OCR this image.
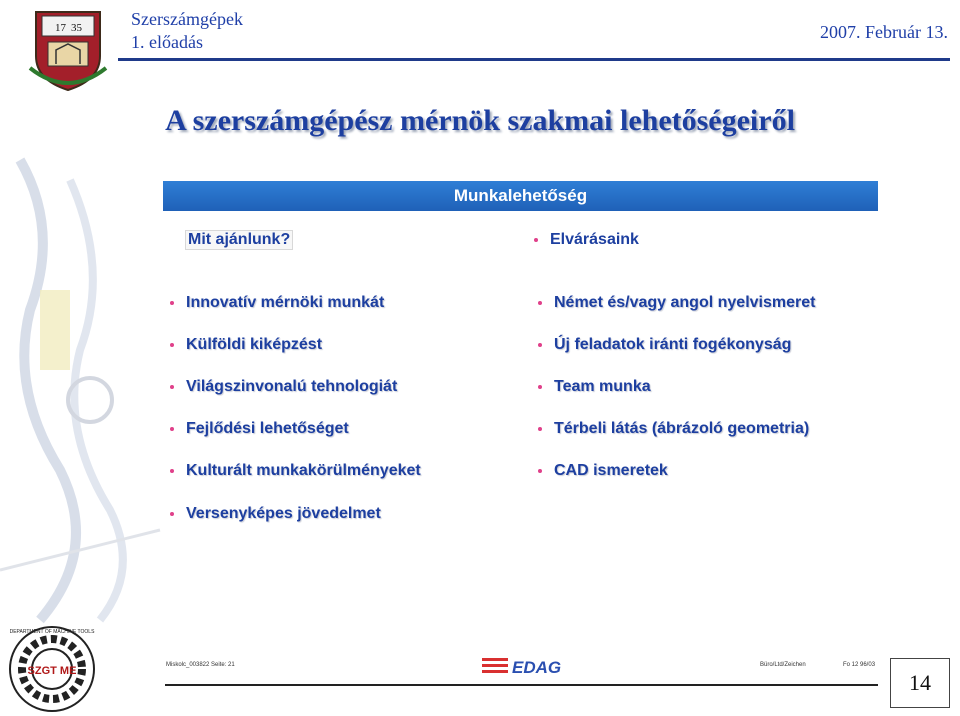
Szerszámgépek
1. előadás	2007. Február 13.
17 35
A szerszámgépész mérnök szakmai lehetőségeiről
Munkalehetőség
Mit ajánlunk?	Elvárásaink
Innovatív mérnöki munkát
Külföldi kiképzést
Világszinvonalú tehnologiát
Fejlődési lehetőséget
Kulturált munkakörülményeket
Versenyképes jövedelmet
Német és/vagy angol nyelvismeret
Új feladatok iránti fogékonyság
Team munka
Térbeli látás (ábrázoló geometria)
CAD ismeretek
Miskolc_003822 Seite: 21	Büro/Ltd/Zeichen	Fo 12 96/03
EDAG
SZGT ME
DEPARTMENT OF MACHINE TOOLS
14
